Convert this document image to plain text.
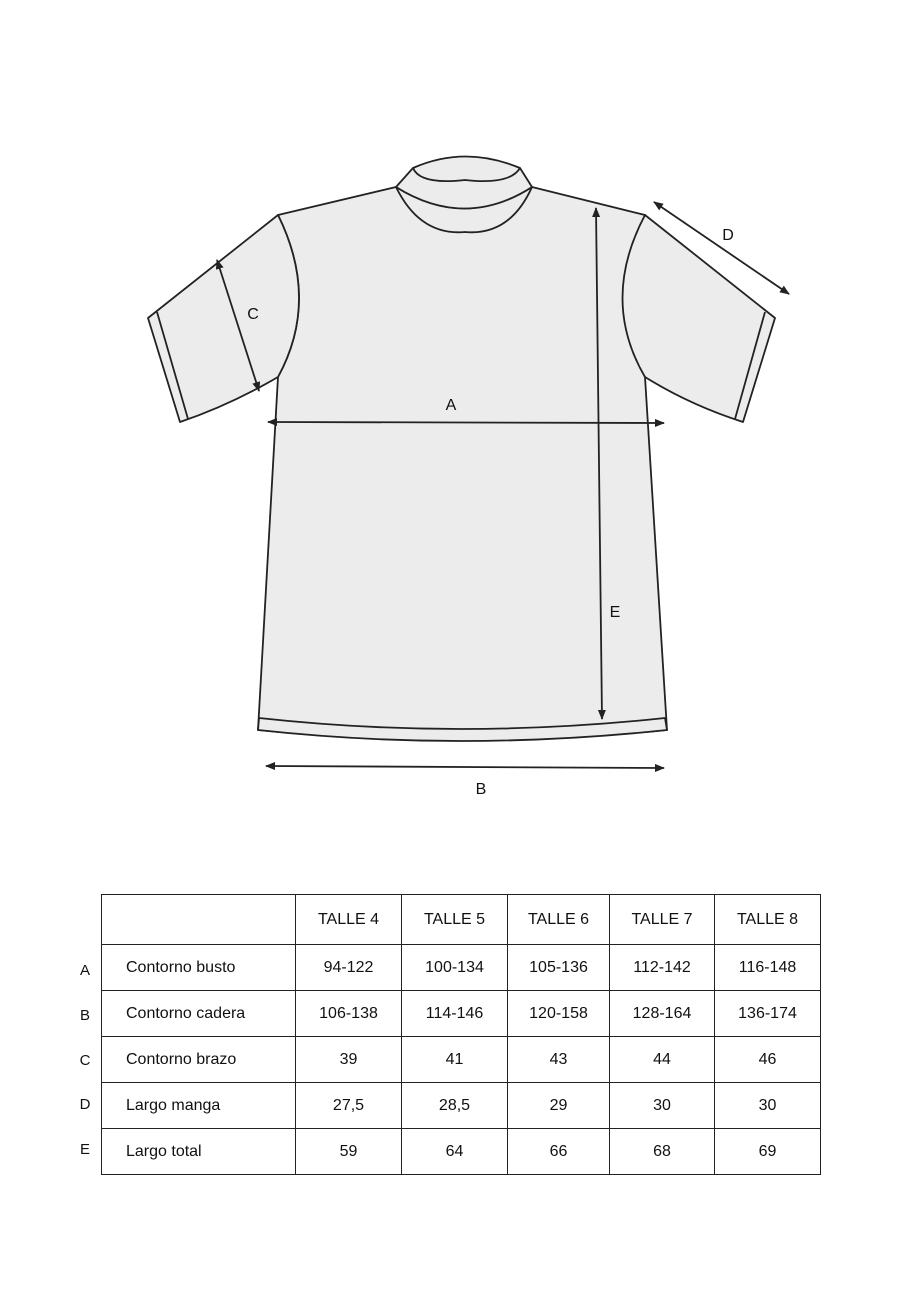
A
B
C
D
E
A
B
C
D
E
	TALLE 4	TALLE 5	TALLE 6	TALLE 7	TALLE 8
Contorno busto	94-122	100-134	105-136	112-142	116-148
Contorno cadera	106-138	114-146	120-158	128-164	136-174
Contorno brazo	39	41	43	44	46
Largo manga	27,5	28,5	29	30	30
Largo total	59	64	66	68	69
